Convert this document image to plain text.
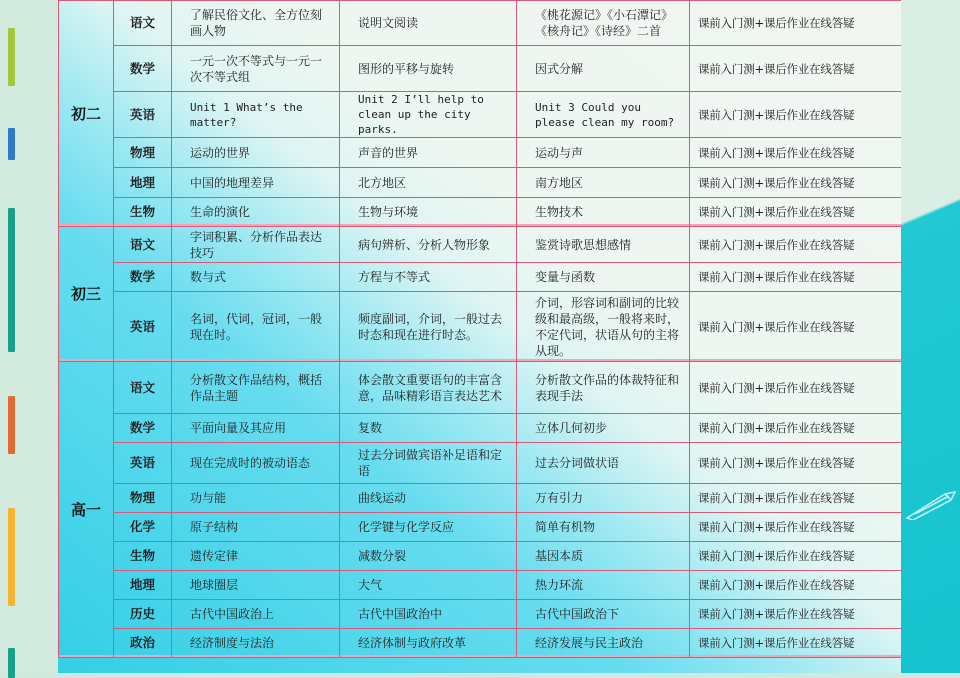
初二	语文	了解民俗文化、全方位刻画人物	说明文阅读	《桃花源记》《小石潭记》《核舟记》《诗经》二首	课前入门测+课后作业在线答疑
	数学	一元一次不等式与一元一次不等式组	图形的平移与旋转	因式分解	课前入门测+课后作业在线答疑
	英语	Unit 1 What’s the matter?	Unit 2 I’ll help to clean up the city parks.	Unit 3 Could you please clean my room?	课前入门测+课后作业在线答疑
	物理	运动的世界	声音的世界	运动与声	课前入门测+课后作业在线答疑
	地理	中国的地理差异	北方地区	南方地区	课前入门测+课后作业在线答疑
	生物	生命的演化	生物与环境	生物技术	课前入门测+课后作业在线答疑
初三	语文	字词积累、分析作品表达技巧	病句辨析、分析人物形象	鉴赏诗歌思想感情	课前入门测+课后作业在线答疑
	数学	数与式	方程与不等式	变量与函数	课前入门测+课后作业在线答疑
	英语	名词，代词，冠词，一般现在时。	频度副词，介词，一般过去时态和现在进行时态。	介词，形容词和副词的比较级和最高级，一般将来时，不定代词，状语从句的主将从现。	课前入门测+课后作业在线答疑
高一	语文	分析散文作品结构，概括作品主题	体会散文重要语句的丰富含意，品味精彩语言表达艺术	分析散文作品的体裁特征和表现手法	课前入门测+课后作业在线答疑
	数学	平面向量及其应用	复数	立体几何初步	课前入门测+课后作业在线答疑
	英语	现在完成时的被动语态	过去分词做宾语补足语和定语	过去分词做状语	课前入门测+课后作业在线答疑
	物理	功与能	曲线运动	万有引力	课前入门测+课后作业在线答疑
	化学	原子结构	化学键与化学反应	简单有机物	课前入门测+课后作业在线答疑
	生物	遗传定律	减数分裂	基因本质	课前入门测+课后作业在线答疑
	地理	地球圈层	大气	热力环流	课前入门测+课后作业在线答疑
	历史	古代中国政治上	古代中国政治中	古代中国政治下	课前入门测+课后作业在线答疑
	政治	经济制度与法治	经济体制与政府改革	经济发展与民主政治	课前入门测+课后作业在线答疑
